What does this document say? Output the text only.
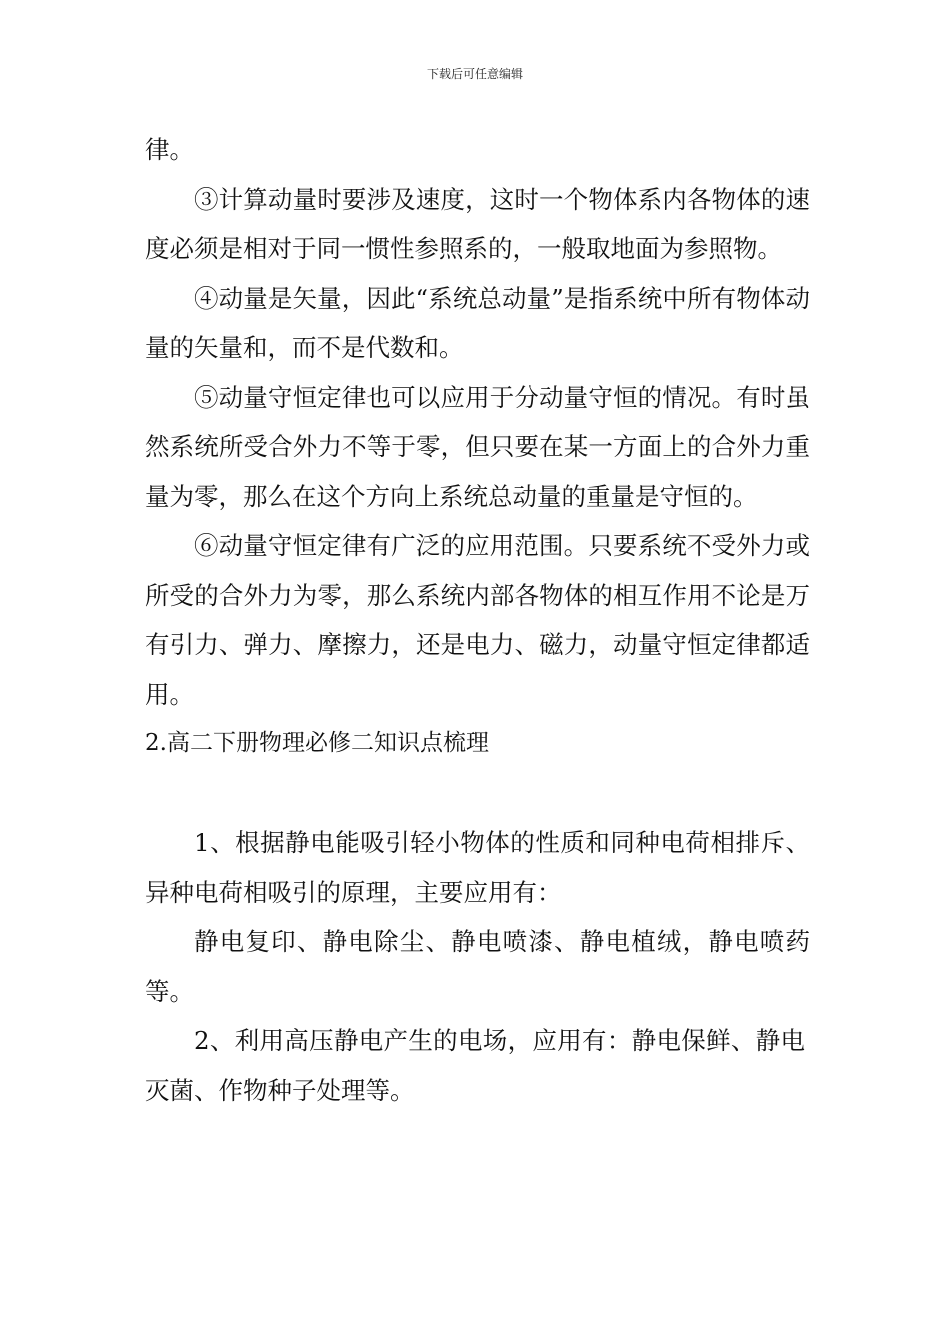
下载后可任意编辑

律。

③计算动量时要涉及速度，这时一个物体系内各物体的速度必须是相对于同一惯性参照系的，一般取地面为参照物。

④动量是矢量，因此“系统总动量”是指系统中所有物体动量的矢量和，而不是代数和。

⑤动量守恒定律也可以应用于分动量守恒的情况。有时虽然系统所受合外力不等于零，但只要在某一方面上的合外力重量为零，那么在这个方向上系统总动量的重量是守恒的。

⑥动量守恒定律有广泛的应用范围。只要系统不受外力或所受的合外力为零，那么系统内部各物体的相互作用不论是万有引力、弹力、摩擦力，还是电力、磁力，动量守恒定律都适用。

2.高二下册物理必修二知识点梳理

1、根据静电能吸引轻小物体的性质和同种电荷相排斥、异种电荷相吸引的原理，主要应用有：

静电复印、静电除尘、静电喷漆、静电植绒，静电喷药等。

2、利用高压静电产生的电场，应用有：静电保鲜、静电灭菌、作物种子处理等。
